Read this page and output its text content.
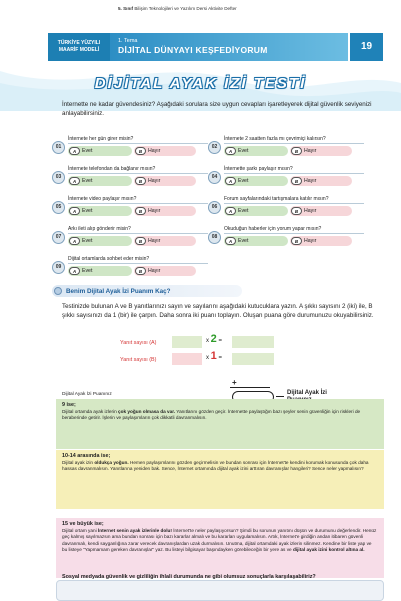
5. Sınıf Bilişim Teknolojileri ve Yazılım Dersi Aktivite Defter
TÜRKİYE YÜZYILI
MAARİF MODELİ
1. Tema
DİJİTAL DÜNYAYI KEŞFEDİYORUM	19
DİJİTAL AYAK İZİ TESTİ
İnternette ne kadar güvendesiniz? Aşağıdaki sorulara size uygun cevapları işaretleyerek dijital güvenlik seviyenizi anlayabilirsiniz.
01
İnternete her gün girer misin?
A	Evet	B	Hayır
02
İnternete 2 saatten fazla mı çevrimiçi kalırsın?
A	Evet	B	Hayır
03
İnternete telefondan da bağlanır mısın?
A	Evet	B	Hayır
04
İnternette şarkı paylaşır mısın?
A	Evet	B	Hayır
05
İnternete video paylaşır mısın?
A	Evet	B	Hayır
06
Forum sayfalarındaki tartışmalara katılır mısın?
A	Evet	B	Hayır
07
Arkı ileti alıp gönderir misin?
A	Evet	B	Hayır
08
Okuduğun haberler için yorum yapar mısın?
A	Evet	B	Hayır
09
Dijital ortamlarda sohbet eder misin?
A	Evet	B	Hayır
Benim Dijital Ayak İzi Puanım Kaç?
Testinizde bulunan A ve B yanıtlarınızı sayın ve sayılarını aşağıdaki kutucuklara yazın. A şıkkı sayısını 2 (iki) ile, B şıkkı sayısınızı da 1 (bir) ile çarpın. Daha sonra iki puanı toplayın. Oluşan puana göre durumunuzu okuyabilirsiniz.
Yanıt sayısı (A)	x 2 =
Yanıt sayısı (B)	x 1 =
+
Dijital Ayak İzi
Dijital Ayak İzi Puanınız
9 ise;

Dijital ortamda ayak izlerin çok yoğun olmasa da var. Yanıtlarını gözden geçir. İnternette paylaştığın bazı şeyler senin güvenliğin için riskleri de beraberinde getirir. İşlerin ve paylaşımların çok dikkatli davranmalısın.

10-14 arasında ise;

Dijital ayak izin oldukça yoğun. Hemen paylaşımlarını gözden geçirmelisin ve bundan sonrası için İnternet'te kendini korumak konusunda çok daha hassas davranmalısın. Yanıtlarına yeniden bak. Sence, İnternet ortamında dijital ayak izini arttıran davranışlar hangileri? Sence neler yapmalısın?

15 ve büyük ise;

Dijital ortam yani İnternet senin ayak izlerinle dolu! İnternet'te neler paylaşıyorsun? Şimdi bu sorunun yanıtını düşün ve durumunu değerlendir. Henüz geç kalmış sayılmazsın ama bundan sonrası için bazı kararlar almalı ve bu kararları uygulamalısın. Artık, İnternet'e girdiğin andan itibaren güvenli davranmalı, kendi sayganlığına zarar verecek davranışlardan uzak durmalısın. Unutma, dijital ortamdaki ayak izlerin silinmez. Kendine bir liste yap ve bu listeye "Yapmamam gereken davranışlar" yaz. Bu listeyi bilgisayar başındayken görebileceğin bir yere as ve dijital ayak izini kontrol altına al.

Sosyal medyada güvenlik ve gizliliğin ihlali durumunda ne gibi olumsuz sonuçlarla karşılaşabiliriz?
